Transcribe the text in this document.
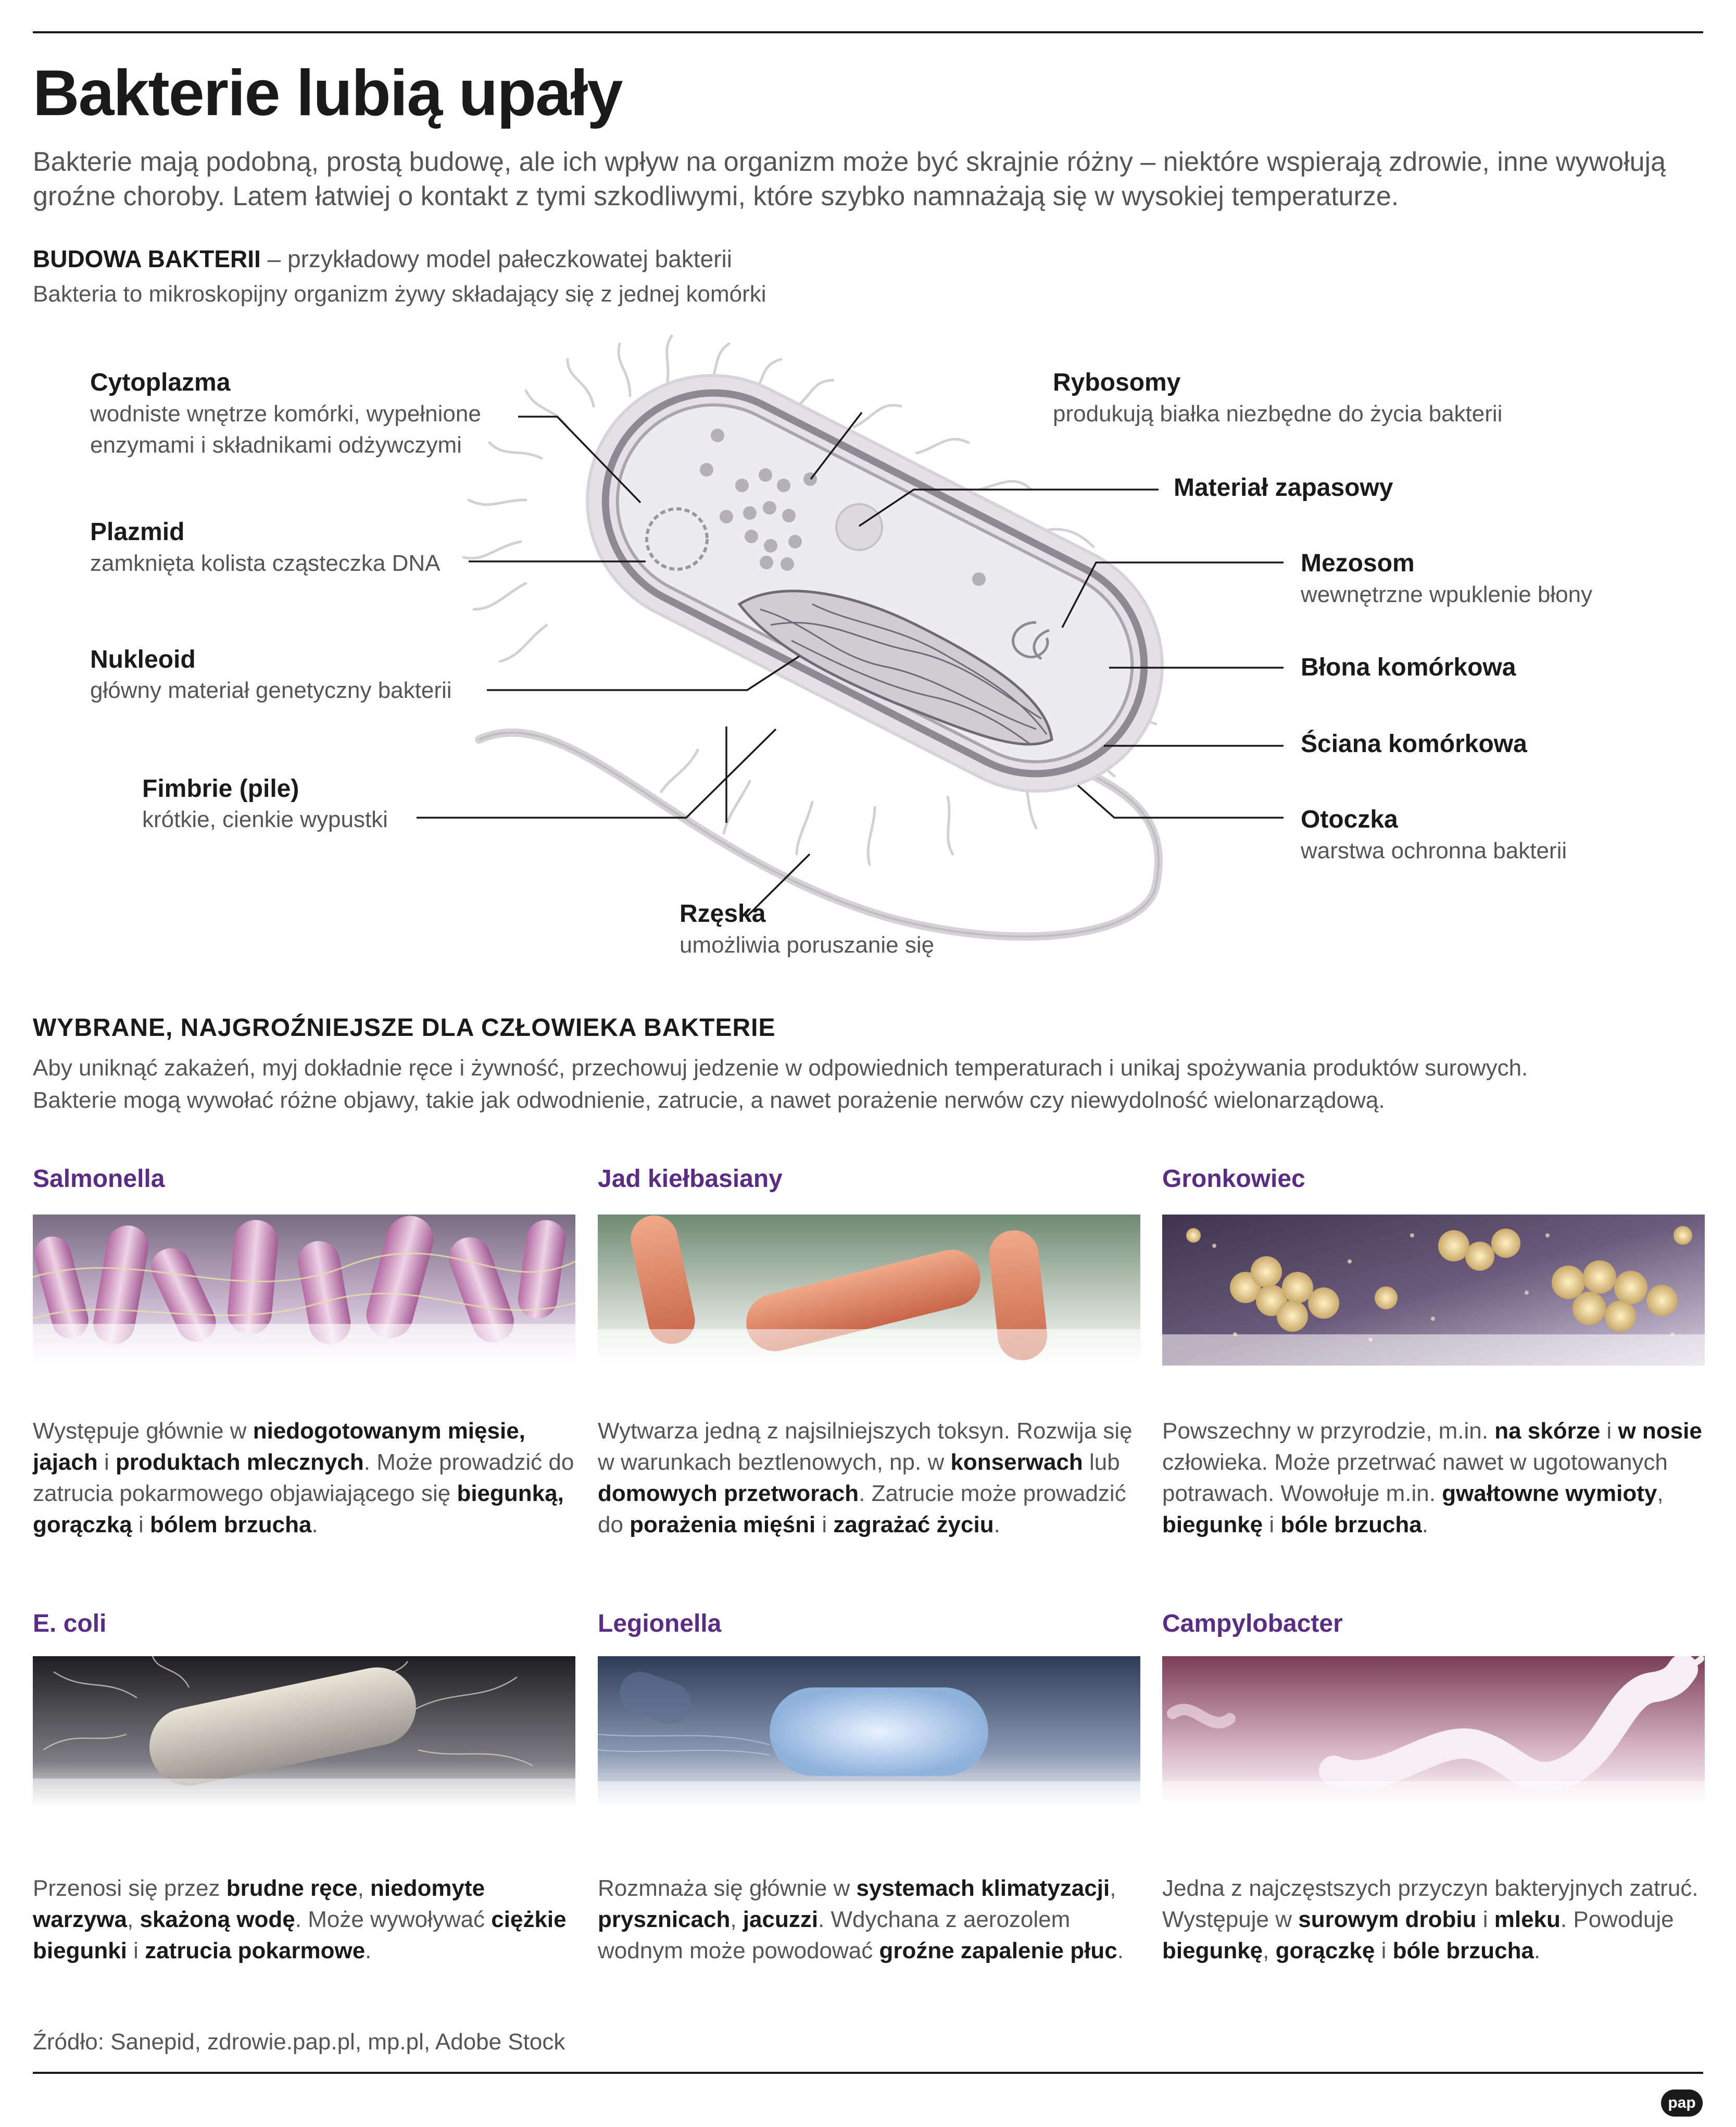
Bakterie lubią upały

Bakterie mają podobną, prostą budowę, ale ich wpływ na organizm może być skrajnie różny – niektóre wspierają zdrowie, inne wywołują groźne choroby. Latem łatwiej o kontakt z tymi szkodliwymi, które szybko namnażają się w wysokiej temperaturze.

BUDOWA BAKTERII – przykładowy model pałeczkowatej bakterii
Bakteria to mikroskopijny organizm żywy składający się z jednej komórki
Cytoplazma
wodniste wnętrze komórki, wypełnione
enzymami i składnikami odżywczymi
Plazmid
zamknięta kolista cząsteczka DNA
Nukleoid
główny materiał genetyczny bakterii
Fimbrie (pile)
krótkie, cienkie wypustki
Rzęska
umożliwia poruszanie się
Rybosomy
produkują białka niezbędne do życia bakterii
Materiał zapasowy
Mezosom
wewnętrzne wpuklenie błony
Błona komórkowa
Ściana komórkowa
Otoczka
warstwa ochronna bakterii
WYBRANE, NAJGROŹNIEJSZE DLA CZŁOWIEKA BAKTERIE

Aby uniknąć zakażeń, myj dokładnie ręce i żywność, przechowuj jedzenie w odpowiednich temperaturach i unikaj spożywania produktów surowych.
Bakterie mogą wywołać różne objawy, takie jak odwodnienie, zatrucie, a nawet porażenie nerwów czy niewydolność wielonarządową.

Salmonella	Jad kiełbasiany	Gronkowiec
E. coli	Legionella	Campylobacter
Występuje głównie w niedogotowanym mięsie, jajach i produktach mlecznych. Może prowadzić do zatrucia pokarmowego objawiającego się biegunką, gorączką i bólem brzucha.
Wytwarza jedną z najsilniejszych toksyn. Rozwija się w warunkach beztlenowych, np. w konserwach lub domowych przetworach. Zatrucie może prowadzić do porażenia mięśni i zagrażać życiu.
Powszechny w przyrodzie, m.in. na skórze i w nosie człowieka. Może przetrwać nawet w ugotowanych potrawach. Wowołuje m.in. gwałtowne wymioty, biegunkę i bóle brzucha.
Przenosi się przez brudne ręce, niedomyte warzywa, skażoną wodę. Może wywoływać ciężkie biegunki i zatrucia pokarmowe.
Rozmnaża się głównie w systemach klimatyzacji, prysznicach, jacuzzi. Wdychana z aerozolem wodnym może powodować groźne zapalenie płuc.
Jedna z najczęstszych przyczyn bakteryjnych zatruć. Występuje w surowym drobiu i mleku. Powoduje biegunkę, gorączkę i bóle brzucha.
Źródło: Sanepid, zdrowie.pap.pl, mp.pl, Adobe Stock
pap
